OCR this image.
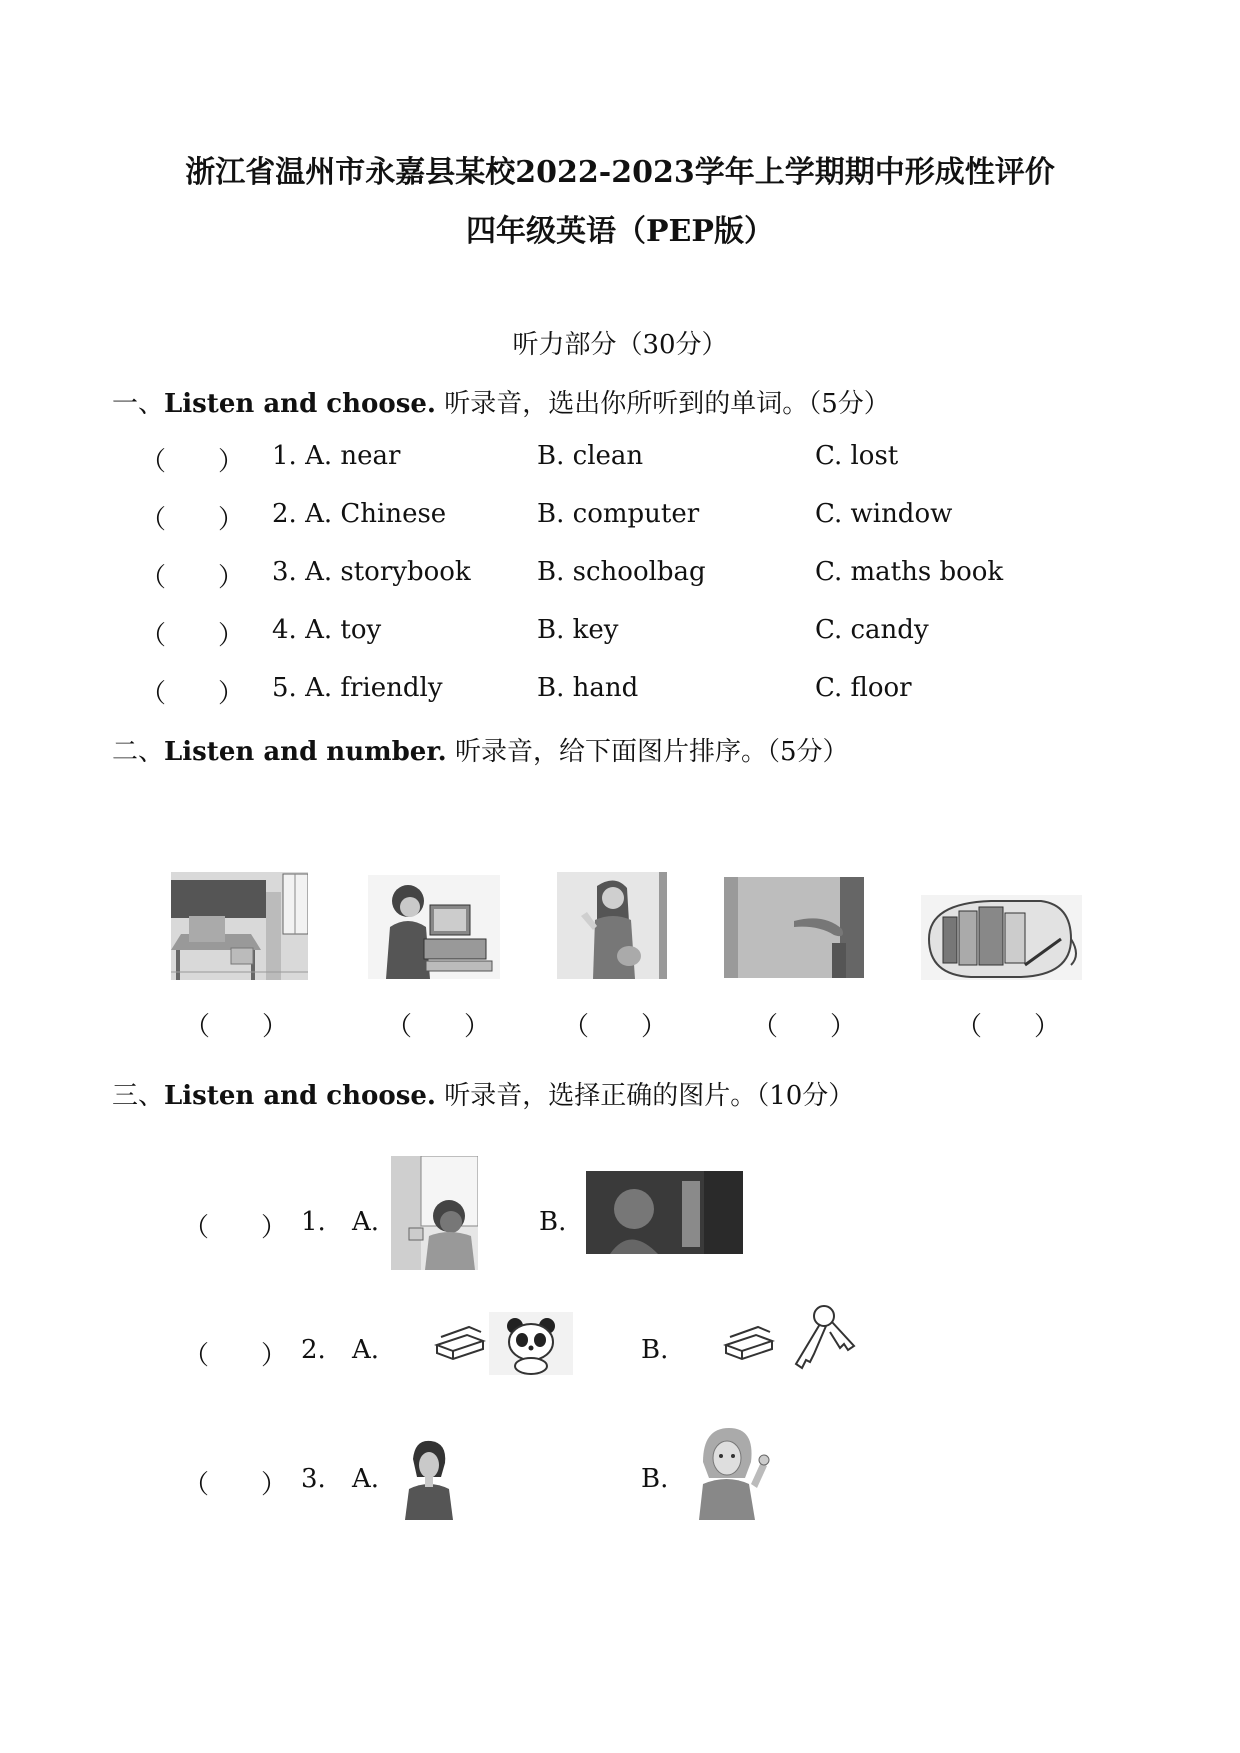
浙江省温州市永嘉县某校2022-2023学年上学期期中形成性评价
四年级英语（PEP版）
听力部分（30分）
一、Listen and choose. 听录音，选出你所听到的单词。（5分）
（　　） 1. A. near	B. clean	C. lost
（　　） 2. A. Chinese	B. computer	C. window
（　　） 3. A. storybook	B. schoolbag	C. maths book
（　　） 4. A. toy	B. key	C. candy
（　　） 5. A. friendly	B. hand	C. floor
二、Listen and number. 听录音，给下面图片排序。（5分）
（　　）	（　　）	（　　）	（　　）	（　　）
三、Listen and choose. 听录音，选择正确的图片。（10分）
（　　） 1. A.	B.
（　　） 2. A.	B.
（　　） 3. A.	B.
